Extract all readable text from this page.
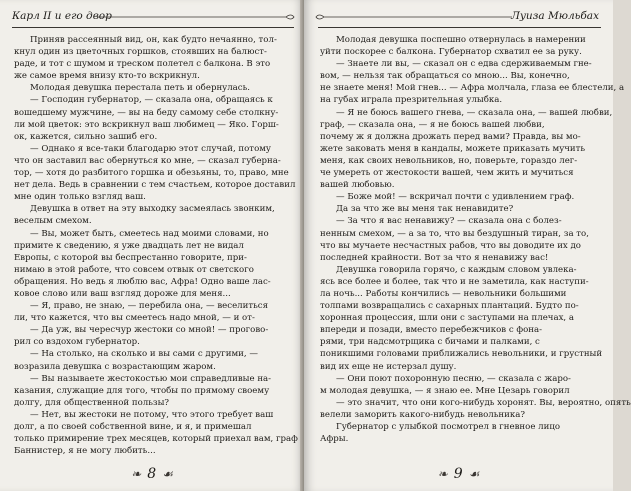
Карл II и его двор

Приняв рассеянный вид, он, как будто нечаянно, тол-

кнул один из цветочных горшков, стоявших на балюст-

раде, и тот с шумом и треском полетел с балкона. В это

же самое время внизу кто-то вскрикнул.

Молодая девушка перестала петь и обернулась.

— Господин губернатор, — сказала она, обращаясь к

вошедшему мужчине, — вы на беду самому себе столкну-

ли мой цветок: это вскрикнул ваш любимец — Яко. Горш-

ок, кажется, сильно зашиб его.

— Однако я все-таки благодарю этот случай, потому

что он заставил вас обернуться ко мне, — сказал губерна-

тор, — хотя до разбитого горшка и обезьяны, то, право, мне

нет дела. Ведь в сравнении с тем счастьем, которое доставил

мне один только взгляд ваш.

Девушка в ответ на эту выходку засмеялась звонким,

веселым смехом.

— Вы, может быть, смеетесь над моими словами, но

примите к сведению, я уже двадцать лет не видал

Европы, с которой вы беспрестанно говорите, при-

нимаю в этой работе, что совсем отвык от светского

обращения. Но ведь я люблю вас, Афра! Одно ваше лас-

ковое слово или ваш взгляд дороже для меня...

— Я, право, не знаю, — перебила она, — веселиться

ли, что кажется, что вы смеетесь надо мной, — и от-

— Да уж, вы чересчур жестоки со мной! — прогово-

рил со вздохом губернатор.

— На столько, на сколько и вы сами с другими, —

возразила девушка с возрастающим жаром.

— Вы называете жестокостью мои справедливые на-

казания, служащие для того, чтобы по прямому своему

долгу, для общественной пользы?

— Нет, вы жестоки не потому, что этого требует ваш

долг, а по своей собственной вине, и я, и примешал

только примирение трех месяцев, который приехал вам, граф

Баннистер, я не могу любить...

❧ 8 ☙
Луиза Мюльбах

Молодая девушка поспешно отвернулась в намерении

уйти поскорее с балкона. Губернатор схватил ее за руку.

— Знаете ли вы, — сказал он с едва сдерживаемым гне-

вом, — нельзя так обращаться со мною... Вы, конечно,

не знаете меня! Мой гнев... — Афра молчала, глаза ее блестели, а

на губах играла презрительная улыбка.

— Я не боюсь вашего гнева, — сказала она, — вашей любви,

граф, — сказала она, — я не боюсь вашей любви,

почему ж я должна дрожать перед вами? Правда, вы мо-

жете заковать меня в кандалы, можете приказать мучить

меня, как своих невольников, но, поверьте, гораздо лег-

че умереть от жестокости вашей, чем жить и мучиться

вашей любовью.

— Боже мой! — вскричал почти с удивлением граф.

Да за что же вы меня так ненавидите?

— За что я вас ненавижу? — сказала она с болез-

ненным смехом, — а за то, что вы бездушный тиран, за то,

что вы мучаете несчастных рабов, что вы доводите их до

последней крайности. Вот за что я ненавижу вас!

Девушка говорила горячо, с каждым словом увлека-

ясь все более и более, так что и не заметила, как наступи-

ла ночь... Работы кончились — невольники большими

толпами возвращались с сахарных плантаций. Будто по-

хоронная процессия, шли они с заступами на плечах, а

впереди и позади, вместо перебежчиков с фона-

рями, три надсмотрщика с бичами и палками, с

поникшими головами приближались невольники, и грустный

вид их еще не истерзал душу.

— Они поют похоронную песню, — сказала с жаро-

м молодая девушка, — я знаю ее. Мне Цезарь говорил

— это значит, что они кого-нибудь хоронят. Вы, вероятно, опять

велели заморить какого-нибудь невольника?

Губернатор с улыбкой посмотрел в гневное лицо

Афры.

❧ 9 ☙
